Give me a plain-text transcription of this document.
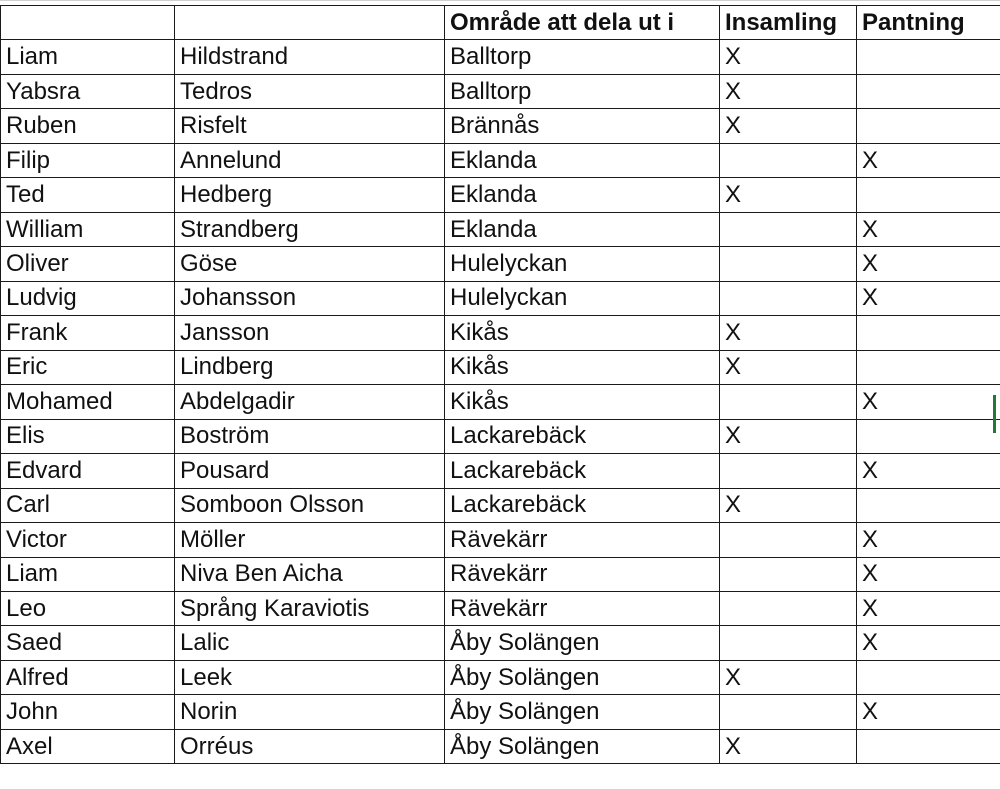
		Område att dela ut i	Insamling	Pantning
Liam	Hildstrand	Balltorp	X	
Yabsra	Tedros	Balltorp	X	
Ruben	Risfelt	Brännås	X	
Filip	Annelund	Eklanda		X
Ted	Hedberg	Eklanda	X	
William	Strandberg	Eklanda		X
Oliver	Göse	Hulelyckan		X
Ludvig	Johansson	Hulelyckan		X
Frank	Jansson	Kikås	X	
Eric	Lindberg	Kikås	X	
Mohamed	Abdelgadir	Kikås		X
Elis	Boström	Lackarebäck	X	
Edvard	Pousard	Lackarebäck		X
Carl	Somboon Olsson	Lackarebäck	X	
Victor	Möller	Rävekärr		X
Liam	Niva Ben Aicha	Rävekärr		X
Leo	Språng Karaviotis	Rävekärr		X
Saed	Lalic	Åby Solängen		X
Alfred	Leek	Åby Solängen	X	
John	Norin	Åby Solängen		X
Axel	Orréus	Åby Solängen	X	
